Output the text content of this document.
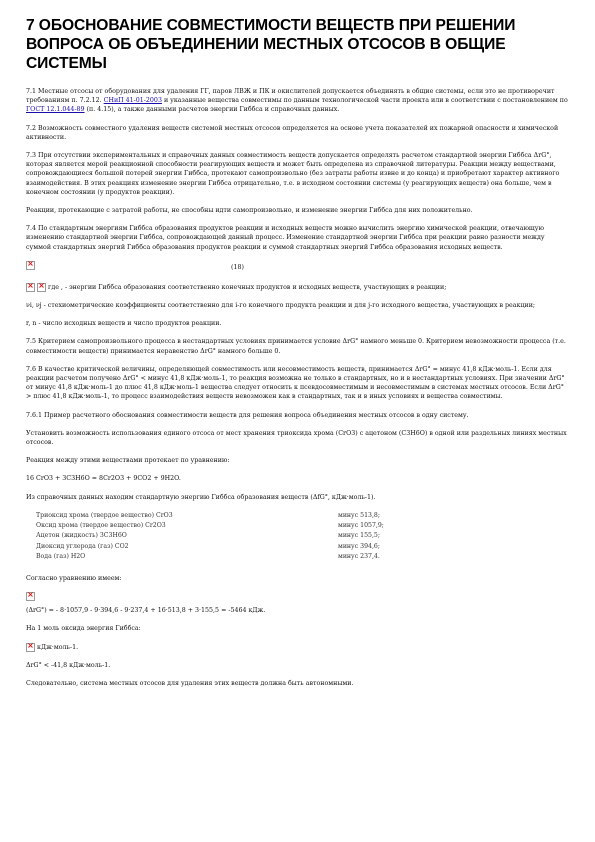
7 ОБОСНОВАНИЕ СОВМЕСТИМОСТИ ВЕЩЕСТВ ПРИ РЕШЕНИИ ВОПРОСА ОБ ОБЪЕДИНЕНИИ МЕСТНЫХ ОТСОСОВ В ОБЩИЕ СИСТЕМЫ

7.1 Местные отсосы от оборудования для удаления ГГ, паров ЛВЖ и ПК и окислителей допускается объединять в общие системы, если это не противоречит требованиям п. 7.2.12. СНиП 41-01-2003 и указанные вещества совместимы по данным технологической части проекта или в соответствии с постановлением по ГОСТ 12.1.044-89 (п. 4.15), а также данными расчетов энергии Гиббса и справочных данных.

7.2 Возможность совместного удаления веществ системой местных отсосов определяется на основе учета показателей их пожарной опасности и химической активности.

7.3 При отсутствии экспериментальных и справочных данных совместимость веществ допускается определять расчетом стандартной энергии Гиббса ΔrG°, которая является мерой реакционной способности реагирующих веществ и может быть определена из справочной литературы. Реакции между веществами, сопровождающиеся большой потерей энергии Гиббса, протекают самопроизвольно (без затраты работы извне и до конца) и приобретают характер активного взаимодействия. В этих реакциях изменение энергии Гиббса отрицательно, т.е. в исходном состоянии системы (у реагирующих веществ) она больше, чем в конечном состоянии (у продуктов реакции).

Реакции, протекающие с затратой работы, не способны идти самопроизвольно, и изменение энергии Гиббса для них положительно.

7.4 По стандартным энергиям Гиббса образования продуктов реакции и исходных веществ можно вычислить энергию химической реакции, отвечающую изменению стандартной энергии Гиббса, сопровождающей данный процесс. Изменение стандартной энергии Гиббса при реакции равно разности между суммой стандартных энергий Гиббса образования продуктов реакции и суммой стандартных энергий Гиббса образования исходных веществ.

×
(18)

× × где , - энергии Гиббса образования соответственно конечных продуктов и исходных веществ, участвующих в реакции;

νi, νj - стехиометрические коэффициенты соответственно для i-го конечного продукта реакции и для j-го исходного вещества, участвующих в реакции;

r, n - число исходных веществ и число продуктов реакции.

7.5 Критерием самопроизвольного процесса в нестандартных условиях принимается условие ΔrG° намного меньше 0. Критерием невозможности процесса (т.е. совместимости веществ) принимается неравенство ΔrG° намного больше 0.

7.6 В качестве критической величины, определяющей совместимость или несовместимость веществ, принимается ΔrG° = минус 41,8 кДж·моль-1. Если для реакции расчетом получено ΔrG° < минус 41,8 кДж·моль-1, то реакция возможна не только в стандартных, но и в нестандартных условиях. При значении ΔrG° от минус 41,8 кДж·моль-1 до плюс 41,8 кДж·моль-1 вещества следует относить к псевдосовместимым и несовместимым в системах местных отсосов. Если ΔrG° > плюс 41,8 кДж·моль-1, то процесс взаимодействия веществ невозможен как в стандартных, так и в иных условиях и вещества совместимы.

7.6.1 Пример расчетного обоснования совместимости веществ для решения вопроса объединения местных отсосов в одну систему.

Установить возможность использования единого отсоса от мест хранения триоксида хрома (CrO3) с ацетоном (C3H6O) в одной или раздельных линиях местных отсосов.

Реакция между этими веществами протекает по уравнению:

16 CrO3 + 3C3H6O = 8Cr2O3 + 9CO2 + 9H2O.

Из справочных данных находим стандартную энергию Гиббса образования веществ (ΔfG°, кДж·моль-1).

Триоксид хрома (твердое вещество) CrO3	минус 513,8;
Оксид хрома (твердое вещество) Cr2O3	минус 1057,9;
Ацетон (жидкость) 3C3H6O	минус 155,5;
Диоксид углерода (газ) CO2	минус 394,6;
Вода (газ) H2O	минус 237,4.

Согласно уравнению имеем:

×

(ΔrG°) = - 8·1057,9 - 9·394,6 - 9·237,4 + 16·513,8 + 3·155,5 = -5464 кДж.

На 1 моль оксида энергия Гиббса:

× кДж·моль-1.

ΔrG° < -41,8 кДж·моль-1.

Следовательно, система местных отсосов для удаления этих веществ должна быть автономными.
